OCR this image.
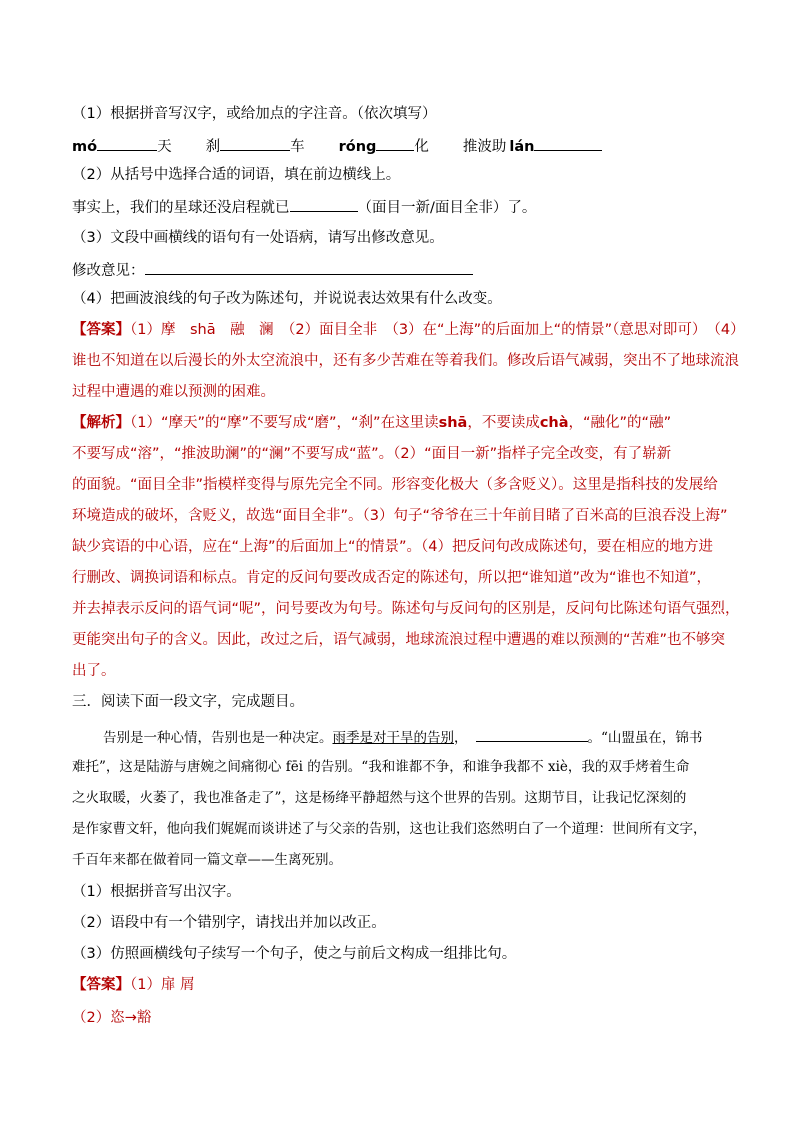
（1）根据拼音写汉字，或给加点的字注音。（依次填写）
mó	天 刹	车 róng	化 推波助 lán
（2）从括号中选择合适的词语，填在前边横线上。
事实上，我们的星球还没启程就已	（面目一新/面目全非）了。
（3）文段中画横线的语句有一处语病，请写出修改意见。
修改意见：
（4）把画波浪线的句子改为陈述句，并说说表达效果有什么改变。
【答案】（1）摩　shā　融　澜　（2）面目全非　（3）在“上海”的后面加上“的情景”（意思对即可）　（4）
谁也不知道在以后漫长的外太空流浪中，还有多少苦难在等着我们。修改后语气减弱，突出不了地球流浪
过程中遭遇的难以预测的困难。
【解析】（1）“摩天”的“摩”不要写成“磨”，“刹”在这里读shā，不要读成chà，“融化”的“融”
不要写成“溶”，“推波助澜”的“澜”不要写成“蓝”。（2）“面目一新”指样子完全改变，有了崭新
的面貌。“面目全非”指模样变得与原先完全不同。形容变化极大（多含贬义）。这里是指科技的发展给
环境造成的破坏，含贬义，故选“面目全非”。（3）句子“爷爷在三十年前目睹了百米高的巨浪吞没上海”
缺少宾语的中心语，应在“上海”的后面加上“的情景”。（4）把反问句改成陈述句，要在相应的地方进
行删改、调换词语和标点。肯定的反问句要改成否定的陈述句，所以把“谁知道”改为“谁也不知道”，
并去掉表示反问的语气词“呢”，问号要改为句号。陈述句与反问句的区别是，反问句比陈述句语气强烈，
更能突出句子的含义。因此，改过之后，语气减弱，地球流浪过程中遭遇的难以预测的“苦难”也不够突
出了。
三．阅读下面一段文字，完成题目。
告别是一种心情，告别也是一种决定。雨季是对干旱的告别，	。“山盟虽在，锦书
难托”，这是陆游与唐婉之间痛彻心 fēi 的告别。“我和谁都不争，和谁争我都不 xiè，我的双手烤着生命
之火取暖，火萎了，我也准备走了”，这是杨绛平静超然与这个世界的告别。这期节目，让我记忆深刻的
是作家曹文轩，他向我们娓娓而谈讲述了与父亲的告别，这也让我们恣然明白了一个道理：世间所有文字，
千百年来都在做着同一篇文章——生离死别。
（1）根据拼音写出汉字。
（2）语段中有一个错别字，请找出并加以改正。
（3）仿照画横线句子续写一个句子，使之与前后文构成一组排比句。
【答案】（1）扉 屑
（2）恣→豁
